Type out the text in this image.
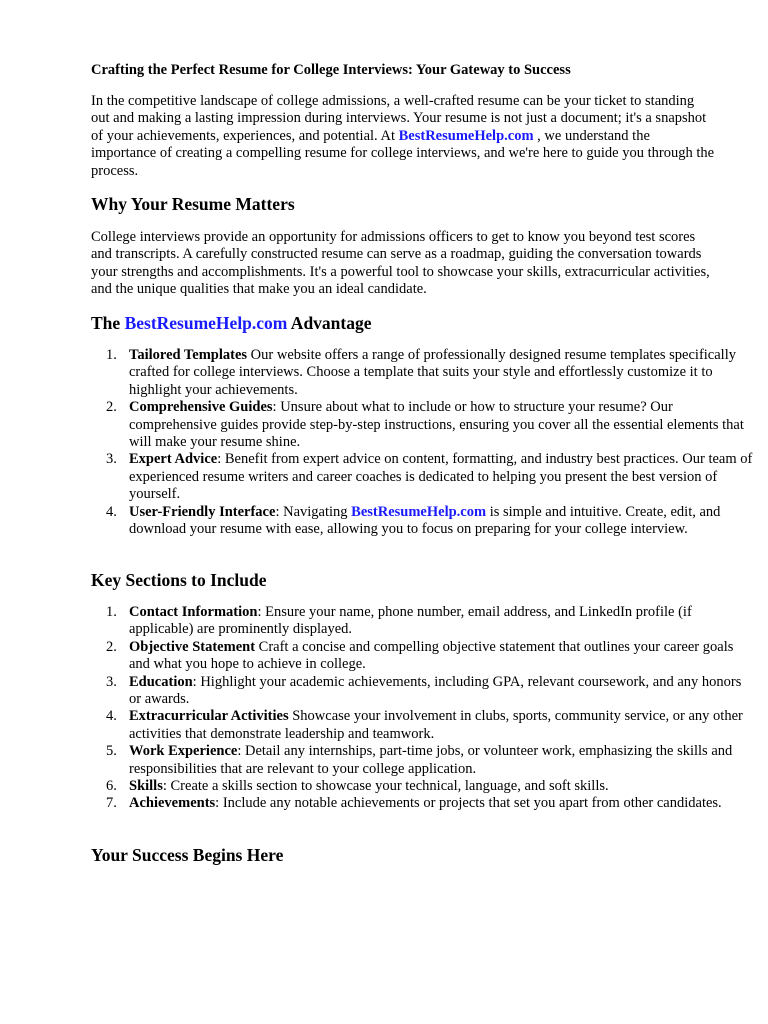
Crafting the Perfect Resume for College Interviews: Your Gateway to Success

In the competitive landscape of college admissions, a well-crafted resume can be your ticket to standing out and making a lasting impression during interviews. Your resume is not just a document; it's a snapshot of your achievements, experiences, and potential. At BestResumeHelp.com , we understand the importance of creating a compelling resume for college interviews, and we're here to guide you through the process.

Why Your Resume Matters

College interviews provide an opportunity for admissions officers to get to know you beyond test scores and transcripts. A carefully constructed resume can serve as a roadmap, guiding the conversation towards your strengths and accomplishments. It's a powerful tool to showcase your skills, extracurricular activities, and the unique qualities that make you an ideal candidate.

The BestResumeHelp.com Advantage
1. Tailored Templates Our website offers a range of professionally designed resume templates specifically crafted for college interviews. Choose a template that suits your style and effortlessly customize it to highlight your achievements.
2. Comprehensive Guides: Unsure about what to include or how to structure your resume? Our comprehensive guides provide step-by-step instructions, ensuring you cover all the essential elements that will make your resume shine.
3. Expert Advice: Benefit from expert advice on content, formatting, and industry best practices. Our team of experienced resume writers and career coaches is dedicated to helping you present the best version of yourself.
4. User-Friendly Interface: Navigating BestResumeHelp.com is simple and intuitive. Create, edit, and download your resume with ease, allowing you to focus on preparing for your college interview.
Key Sections to Include
1. Contact Information: Ensure your name, phone number, email address, and LinkedIn profile (if applicable) are prominently displayed.
2. Objective Statement Craft a concise and compelling objective statement that outlines your career goals and what you hope to achieve in college.
3. Education: Highlight your academic achievements, including GPA, relevant coursework, and any honors or awards.
4. Extracurricular Activities Showcase your involvement in clubs, sports, community service, or any other activities that demonstrate leadership and teamwork.
5. Work Experience: Detail any internships, part-time jobs, or volunteer work, emphasizing the skills and responsibilities that are relevant to your college application.
6. Skills: Create a skills section to showcase your technical, language, and soft skills.
7. Achievements: Include any notable achievements or projects that set you apart from other candidates.
Your Success Begins Here
